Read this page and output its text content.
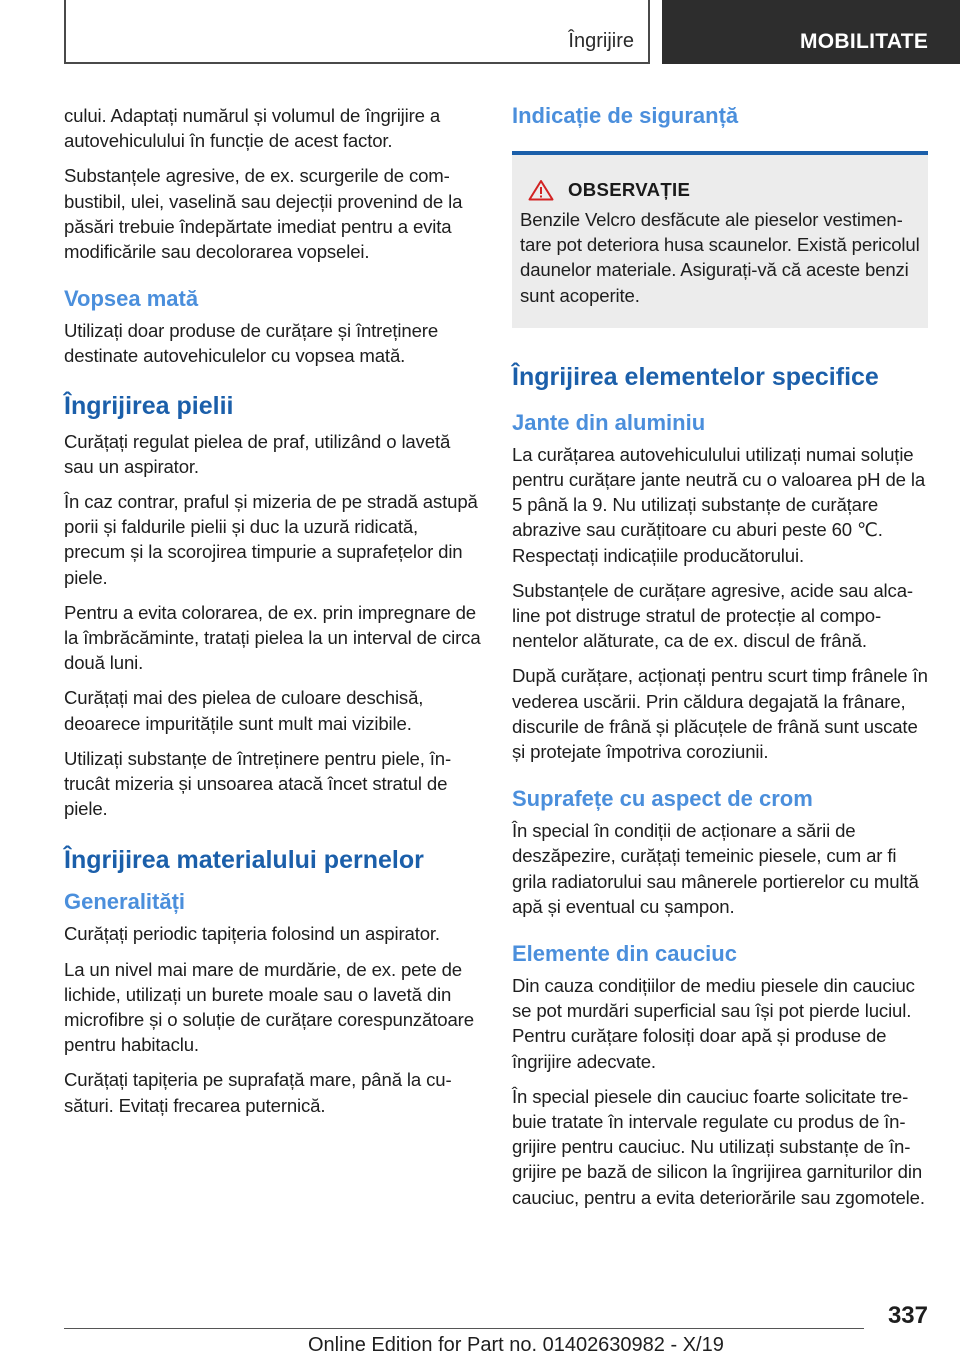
Îngrijire	MOBILITATE

cului. Adaptați numărul și volumul de îngrijire a autovehiculului în funcție de acest factor.

Substanțele agresive, de ex. scurgerile de combustibil, ulei, vaselină sau dejecții provenind de la păsări trebuie îndepărtate imediat pentru a evita modificările sau decolorarea vopselei.

Vopsea mată

Utilizați doar produse de curățare și întreținere destinate autovehiculelor cu vopsea mată.

Îngrijirea pielii

Curățați regulat pielea de praf, utilizând o lavetă sau un aspirator.

În caz contrar, praful și mizeria de pe stradă astupă porii și faldurile pielii și duc la uzură ridicată, precum și la scorojirea timpurie a suprafețelor din piele.

Pentru a evita colorarea, de ex. prin impregnare de la îmbrăcăminte, tratați pielea la un interval de circa două luni.

Curățați mai des pielea de culoare deschisă, deoarece impuritățile sunt mult mai vizibile.

Utilizați substanțe de întreținere pentru piele, întrucât mizeria și unsoarea atacă încet stratul de piele.

Îngrijirea materialului pernelor
Generalități

Curățați periodic tapițeria folosind un aspirator.

La un nivel mai mare de murdărie, de ex. pete de lichide, utilizați un burete moale sau o lavetă din microfibre și o soluție de curățare corespunzătoare pentru habitaclu.

Curățați tapițeria pe suprafață mare, până la cusături. Evitați frecarea puternică.

Indicație de siguranță
OBSERVAȚIE

Benzile Velcro desfăcute ale pieselor vestimentare pot deteriora husa scaunelor. Există pericolul daunelor materiale. Asigurați-vă că aceste benzi sunt acoperite.

Îngrijirea elementelor specifice
Jante din aluminiu

La curățarea autovehiculului utilizați numai soluție pentru curățare jante neutră cu o valoarea pH de la 5 până la 9. Nu utilizați substanțe de curățare abrazive sau curățitoare cu aburi peste 60 ℃. Respectați indicațiile producătorului.

Substanțele de curățare agresive, acide sau alcaline pot distruge stratul de protecție al componentelor alăturate, ca de ex. discul de frână.

După curățare, acționați pentru scurt timp frânele în vederea uscării. Prin căldura degajată la frânare, discurile de frână și plăcuțele de frână sunt uscate și protejate împotriva coroziunii.

Suprafețe cu aspect de crom

În special în condiții de acționare a sării de deszăpezire, curățați temeinic piesele, cum ar fi grila radiatorului sau mânerele portierelor cu multă apă și eventual cu șampon.

Elemente din cauciuc

Din cauza condițiilor de mediu piesele din cauciuc se pot murdări superficial sau își pot pierde luciul. Pentru curățare folosiți doar apă și produse de îngrijire adecvate.

În special piesele din cauciuc foarte solicitate trebuie tratate în intervale regulate cu produs de îngrijire pentru cauciuc. Nu utilizați substanțe de îngrijire pe bază de silicon la îngrijirea garniturilor din cauciuc, pentru a evita deteriorările sau zgomotele.

337
Online Edition for Part no. 01402630982 - X/19
